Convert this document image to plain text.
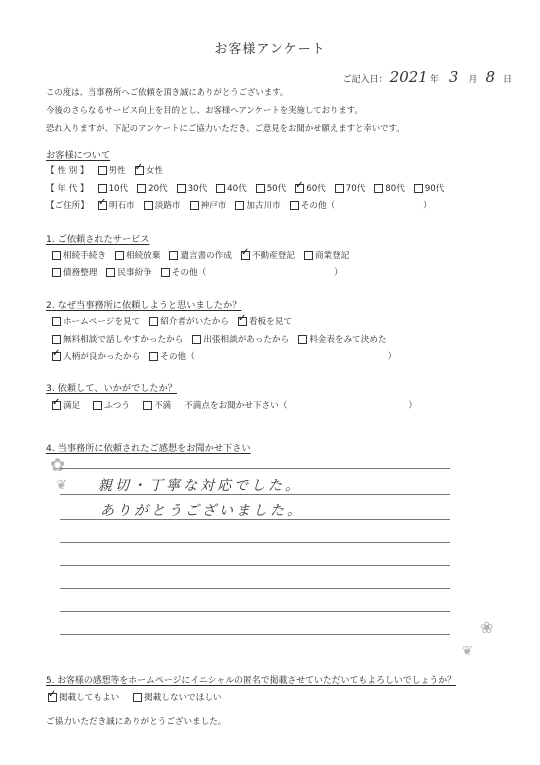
お客様アンケート
ご記入日： 2021 年 3 月 8 日
この度は、当事務所へご依頼を頂き誠にありがとうございます。
今後のさらなるサービス向上を目的とし、お客様へアンケートを実施しております。
恐れ入りますが、下記のアンケートにご協力いただき、ご意見をお聞かせ願えますと幸いです。
お客様について
【 性 別 】 男性 ✓ 女性
【 年 代 】 10代 20代 30代 40代 50代 ✓ 60代 70代 80代 90代
【ご住所】 ✓ 明石市 淡路市 神戸市 加古川市 その他（	）
1. ご依頼されたサービス
相続手続き 相続放棄 遺言書の作成 ✓ 不動産登記 商業登記
債務整理 民事紛争 その他（	）
2. なぜ当事務所に依頼しようと思いましたか？
ホームページを見て 紹介者がいたから ✓ 看板を見て
無料相談で話しやすかったから 出張相談があったから 料金表をみて決めた
✓
人柄が良かったから その他（	）
3. 依頼して、いかがでしたか？
✓
満足	ふつう	不満 不満点をお聞かせ下さい（	）
4. 当事務所に依頼されたご感想をお聞かせ下さい
✿
❦ 親切・丁寧な対応でした。
ありがとうございました。
❀
❦
5. お客様の感想等をホームページにイニシャルの匿名で掲載させていただいてもよろしいでしょうか？
✓
掲載してもよい	掲載しないでほしい
ご協力いただき誠にありがとうございました。
